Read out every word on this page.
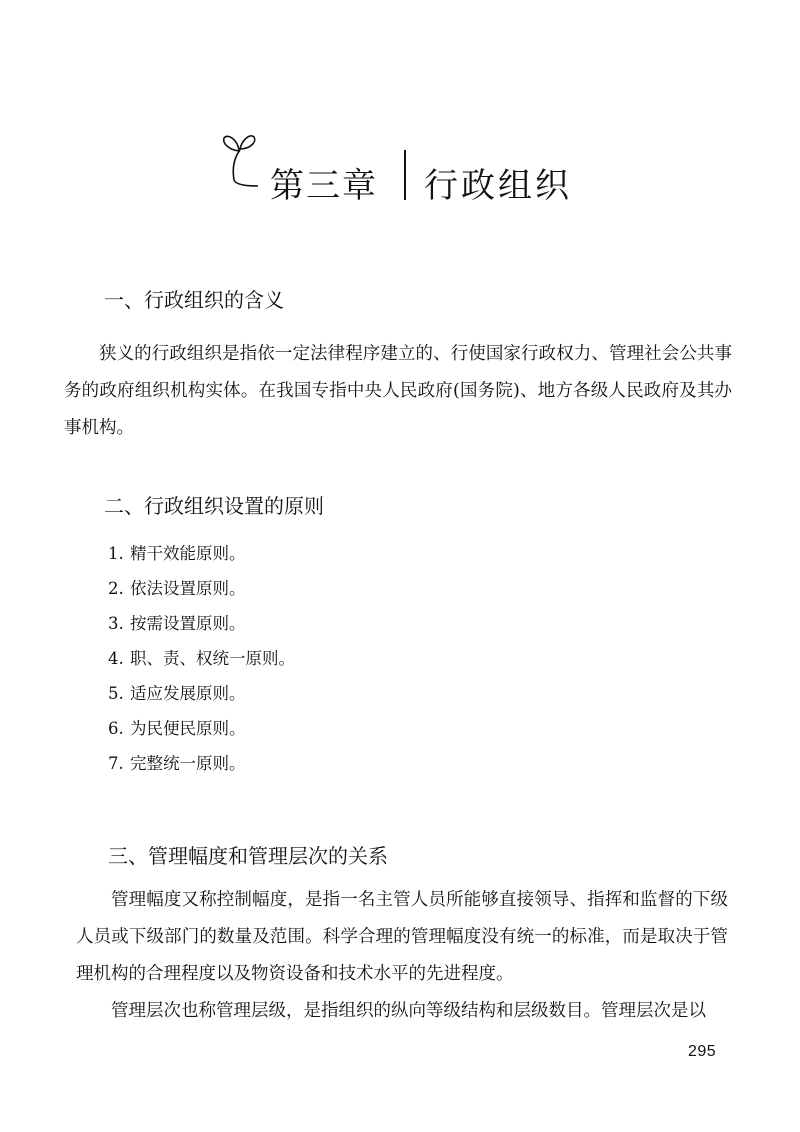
第三章 行政组织
一、行政组织的含义

狭义的行政组织是指依一定法律程序建立的、行使国家行政权力、管理社会公共事务的政府组织机构实体。在我国专指中央人民政府(国务院)、地方各级人民政府及其办事机构。

二、行政组织设置的原则
1. 精干效能原则。
2. 依法设置原则。
3. 按需设置原则。
4. 职、责、权统一原则。
5. 适应发展原则。
6. 为民便民原则。
7. 完整统一原则。
三、管理幅度和管理层次的关系

管理幅度又称控制幅度，是指一名主管人员所能够直接领导、指挥和监督的下级人员或下级部门的数量及范围。科学合理的管理幅度没有统一的标准，而是取决于管理机构的合理程度以及物资设备和技术水平的先进程度。

管理层次也称管理层级，是指组织的纵向等级结构和层级数目。管理层次是以

295
